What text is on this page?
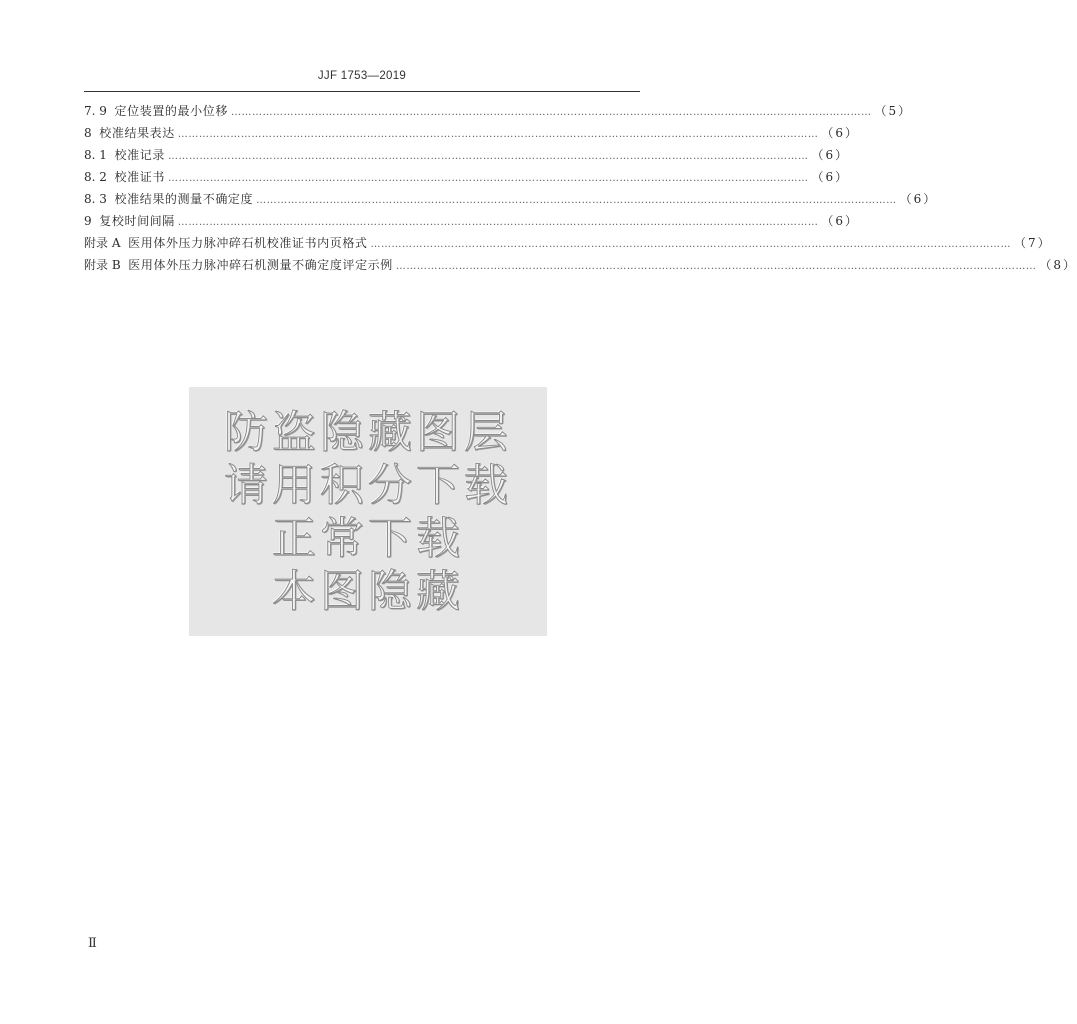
JJF 1753—2019
7. 9 定位装置的最小位移 ………………………………………………………………………………………………………………………………………………………………… （5）
8 校准结果表达 ………………………………………………………………………………………………………………………………………………………………… （6）
8. 1 校准记录 ………………………………………………………………………………………………………………………………………………………………… （6）
8. 2 校准证书 ………………………………………………………………………………………………………………………………………………………………… （6）
8. 3 校准结果的测量不确定度 ………………………………………………………………………………………………………………………………………………………………… （6）
9 复校时间间隔 ………………………………………………………………………………………………………………………………………………………………… （6）
附录 A 医用体外压力脉冲碎石机校准证书内页格式 ………………………………………………………………………………………………………………………………………………………………… （7）
附录 B 医用体外压力脉冲碎石机测量不确定度评定示例 ………………………………………………………………………………………………………………………………………………………………… （8）
防盗隐藏图层
请用积分下载
正常下载
本图隐藏
Ⅱ
